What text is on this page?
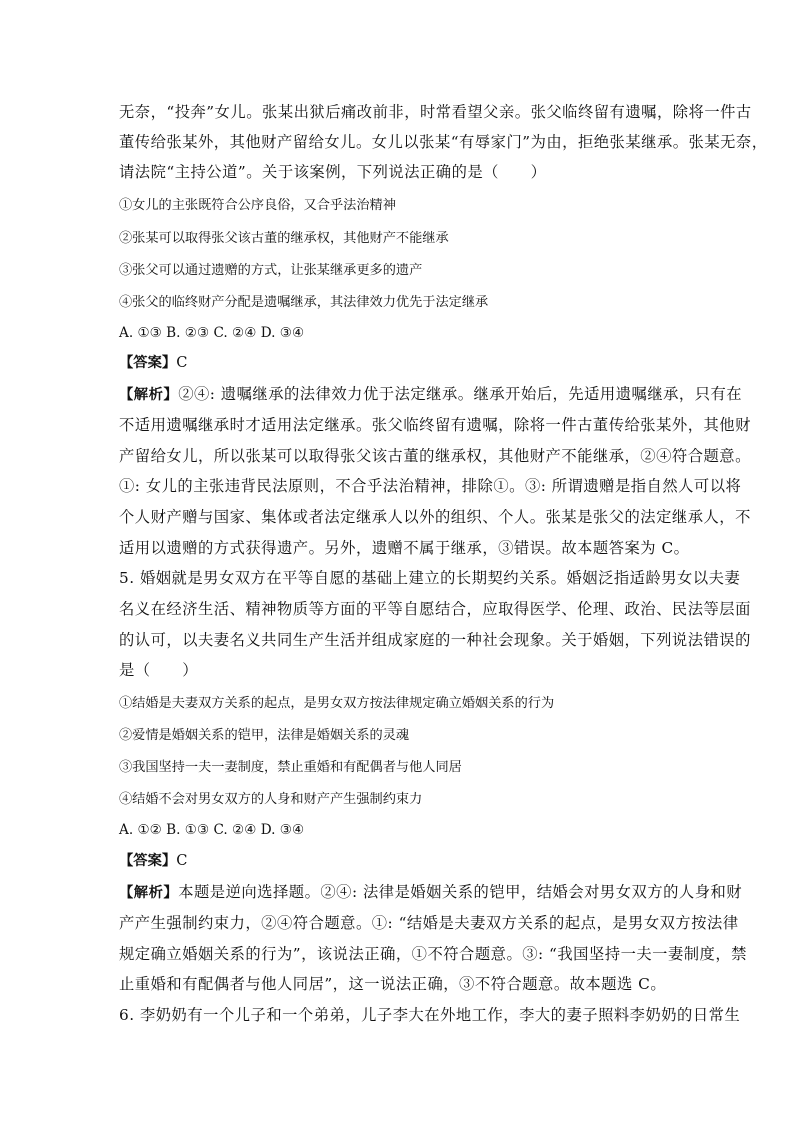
无奈，“投奔”女儿。张某出狱后痛改前非，时常看望父亲。张父临终留有遗嘱，除将一件古
董传给张某外，其他财产留给女儿。女儿以张某“有辱家门”为由，拒绝张某继承。张某无奈，
请法院“主持公道”。关于该案例，下列说法正确的是（　　）
①女儿的主张既符合公序良俗，又合乎法治精神
②张某可以取得张父该古董的继承权，其他财产不能继承
③张父可以通过遗赠的方式，让张某继承更多的遗产
④张父的临终财产分配是遗嘱继承，其法律效力优先于法定继承
A. ①③ B. ②③ C. ②④ D. ③④
【答案】C
【解析】②④: 遗嘱继承的法律效力优于法定继承。继承开始后，先适用遗嘱继承，只有在
不适用遗嘱继承时才适用法定继承。张父临终留有遗嘱，除将一件古董传给张某外，其他财
产留给女儿，所以张某可以取得张父该古董的继承权，其他财产不能继承，②④符合题意。
①: 女儿的主张违背民法原则，不合乎法治精神，排除①。③: 所谓遗赠是指自然人可以将
个人财产赠与国家、集体或者法定继承人以外的组织、个人。张某是张父的法定继承人，不
适用以遗赠的方式获得遗产。另外，遗赠不属于继承，③错误。故本题答案为 C。
5. 婚姻就是男女双方在平等自愿的基础上建立的长期契约关系。婚姻泛指适龄男女以夫妻
名义在经济生活、精神物质等方面的平等自愿结合，应取得医学、伦理、政治、民法等层面
的认可，以夫妻名义共同生产生活并组成家庭的一种社会现象。关于婚姻，下列说法错误的
是（　　）
①结婚是夫妻双方关系的起点，是男女双方按法律规定确立婚姻关系的行为
②爱情是婚姻关系的铠甲，法律是婚姻关系的灵魂
③我国坚持一夫一妻制度，禁止重婚和有配偶者与他人同居
④结婚不会对男女双方的人身和财产产生强制约束力
A. ①② B. ①③ C. ②④ D. ③④
【答案】C
【解析】本题是逆向选择题。②④: 法律是婚姻关系的铠甲，结婚会对男女双方的人身和财
产产生强制约束力，②④符合题意。①: “结婚是夫妻双方关系的起点，是男女双方按法律
规定确立婚姻关系的行为”，该说法正确，①不符合题意。③: “我国坚持一夫一妻制度，禁
止重婚和有配偶者与他人同居”，这一说法正确，③不符合题意。故本题选 C。
6. 李奶奶有一个儿子和一个弟弟，儿子李大在外地工作，李大的妻子照料李奶奶的日常生
